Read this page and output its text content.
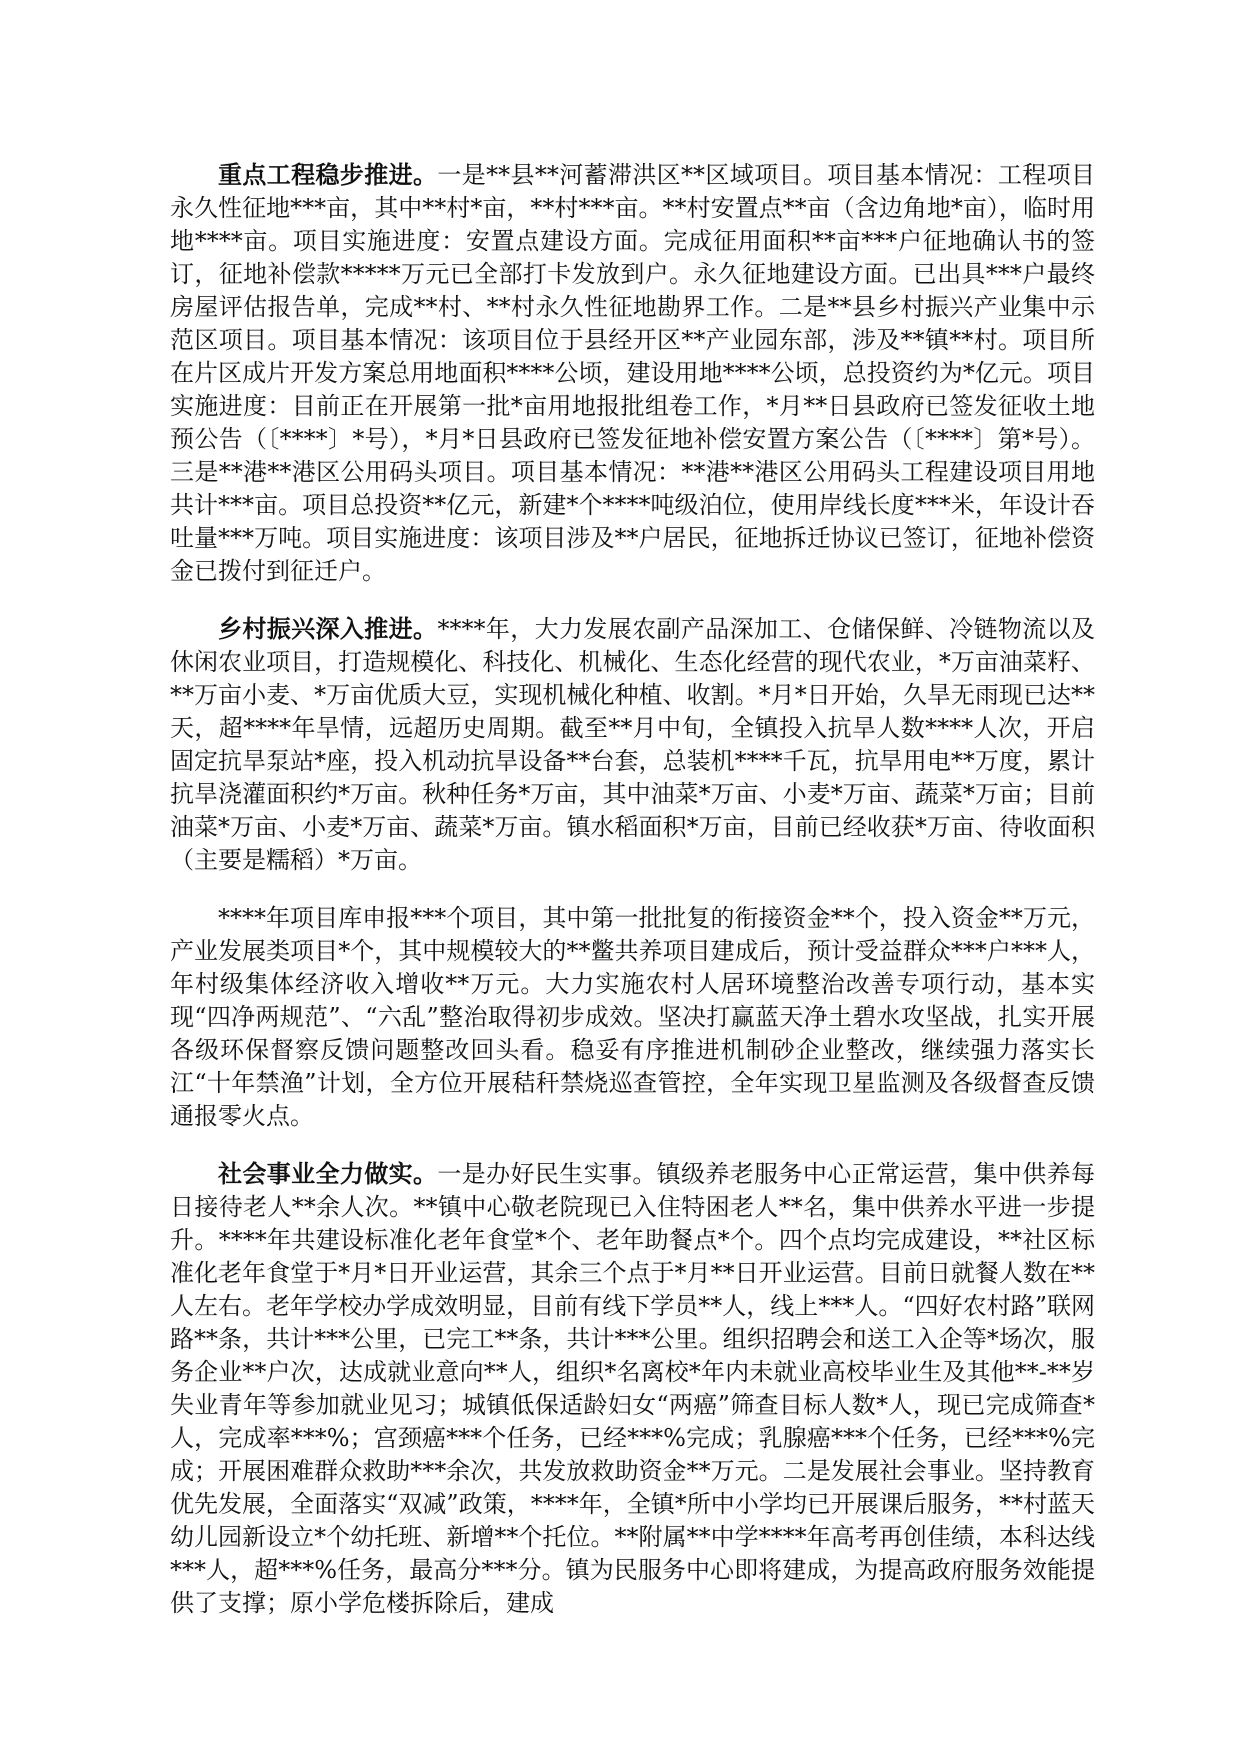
重点工程稳步推进。一是**县**河蓄滞洪区**区域项目。项目基本情况：工程项目永久性征地***亩，其中**村*亩，**村***亩。**村安置点**亩（含边角地*亩），临时用地****亩。项目实施进度：安置点建设方面。完成征用面积**亩***户征地确认书的签订，征地补偿款*****万元已全部打卡发放到户。永久征地建设方面。已出具***户最终房屋评估报告单，完成**村、**村永久性征地勘界工作。二是**县乡村振兴产业集中示范区项目。项目基本情况：该项目位于县经开区**产业园东部，涉及**镇**村。项目所在片区成片开发方案总用地面积****公顷，建设用地****公顷，总投资约为*亿元。项目实施进度：目前正在开展第一批*亩用地报批组卷工作，*月**日县政府已签发征收土地预公告（〔****〕*号），*月*日县政府已签发征地补偿安置方案公告（〔****〕第*号）。三是**港**港区公用码头项目。项目基本情况：**港**港区公用码头工程建设项目用地共计***亩。项目总投资**亿元，新建*个****吨级泊位，使用岸线长度***米，年设计吞吐量***万吨。项目实施进度：该项目涉及**户居民，征地拆迁协议已签订，征地补偿资金已拨付到征迁户。

乡村振兴深入推进。****年，大力发展农副产品深加工、仓储保鲜、冷链物流以及休闲农业项目，打造规模化、科技化、机械化、生态化经营的现代农业，*万亩油菜籽、**万亩小麦、*万亩优质大豆，实现机械化种植、收割。*月*日开始，久旱无雨现已达**天，超****年旱情，远超历史周期。截至**月中旬，全镇投入抗旱人数****人次，开启固定抗旱泵站*座，投入机动抗旱设备**台套，总装机****千瓦，抗旱用电**万度，累计抗旱浇灌面积约*万亩。秋种任务*万亩，其中油菜*万亩、小麦*万亩、蔬菜*万亩；目前油菜*万亩、小麦*万亩、蔬菜*万亩。镇水稻面积*万亩，目前已经收获*万亩、待收面积（主要是糯稻）*万亩。

****年项目库申报***个项目，其中第一批批复的衔接资金**个，投入资金**万元，产业发展类项目*个，其中规模较大的**鳖共养项目建成后，预计受益群众***户***人，年村级集体经济收入增收**万元。大力实施农村人居环境整治改善专项行动，基本实现“四净两规范”、“六乱”整治取得初步成效。坚决打赢蓝天净土碧水攻坚战，扎实开展各级环保督察反馈问题整改回头看。稳妥有序推进机制砂企业整改，继续强力落实长江“十年禁渔”计划，全方位开展秸秆禁烧巡查管控，全年实现卫星监测及各级督查反馈通报零火点。

社会事业全力做实。一是办好民生实事。镇级养老服务中心正常运营，集中供养每日接待老人**余人次。**镇中心敬老院现已入住特困老人**名，集中供养水平进一步提升。****年共建设标准化老年食堂*个、老年助餐点*个。四个点均完成建设，**社区标准化老年食堂于*月*日开业运营，其余三个点于*月**日开业运营。目前日就餐人数在**人左右。老年学校办学成效明显，目前有线下学员**人，线上***人。“四好农村路”联网路**条，共计***公里，已完工**条，共计***公里。组织招聘会和送工入企等*场次，服务企业**户次，达成就业意向**人，组织*名离校*年内未就业高校毕业生及其他**-**岁失业青年等参加就业见习；城镇低保适龄妇女“两癌”筛查目标人数*人，现已完成筛查*人，完成率***%；宫颈癌***个任务，已经***%完成；乳腺癌***个任务，已经***%完成；开展困难群众救助***余次，共发放救助资金**万元。二是发展社会事业。坚持教育优先发展，全面落实“双减”政策，****年，全镇*所中小学均已开展课后服务，**村蓝天幼儿园新设立*个幼托班、新增**个托位。**附属**中学****年高考再创佳绩，本科达线***人，超***%任务，最高分***分。镇为民服务中心即将建成，为提高政府服务效能提供了支撑；原小学危楼拆除后，建成
